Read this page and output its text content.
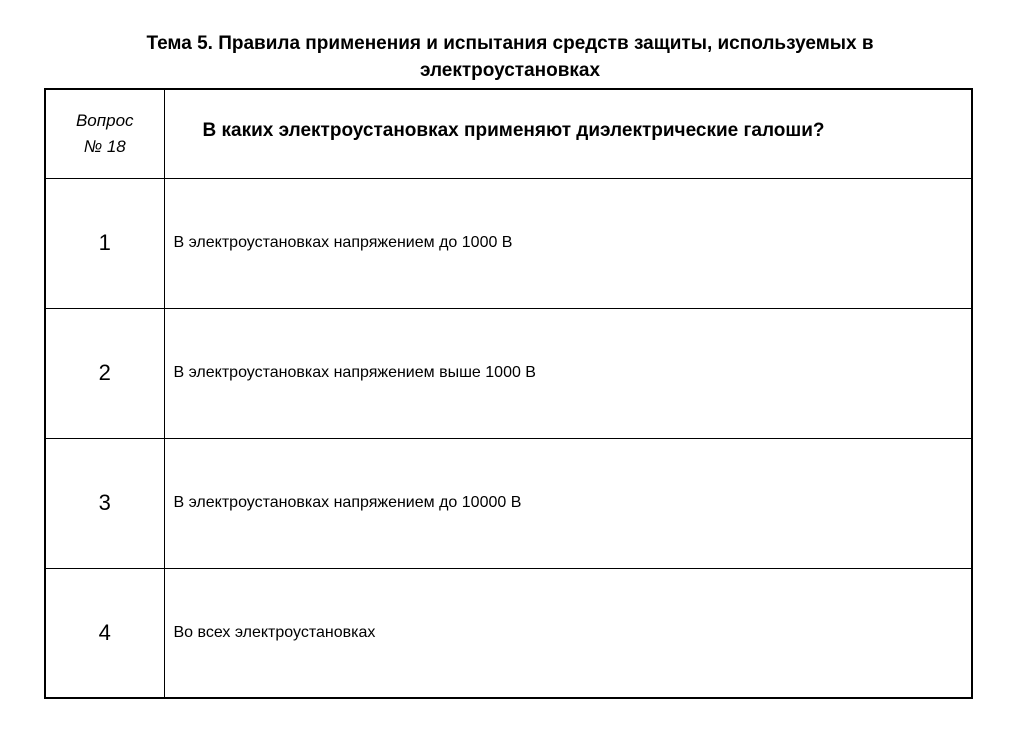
Тема 5. Правила применения и испытания средств защиты, используемых в
электроустановках
Вопрос
№ 18	В каких электроустановках применяют диэлектрические галоши?
1	В электроустановках напряжением до 1000 В
2	В электроустановках напряжением выше 1000 В
3	В электроустановках напряжением до 10000 В
4	Во всех электроустановках
